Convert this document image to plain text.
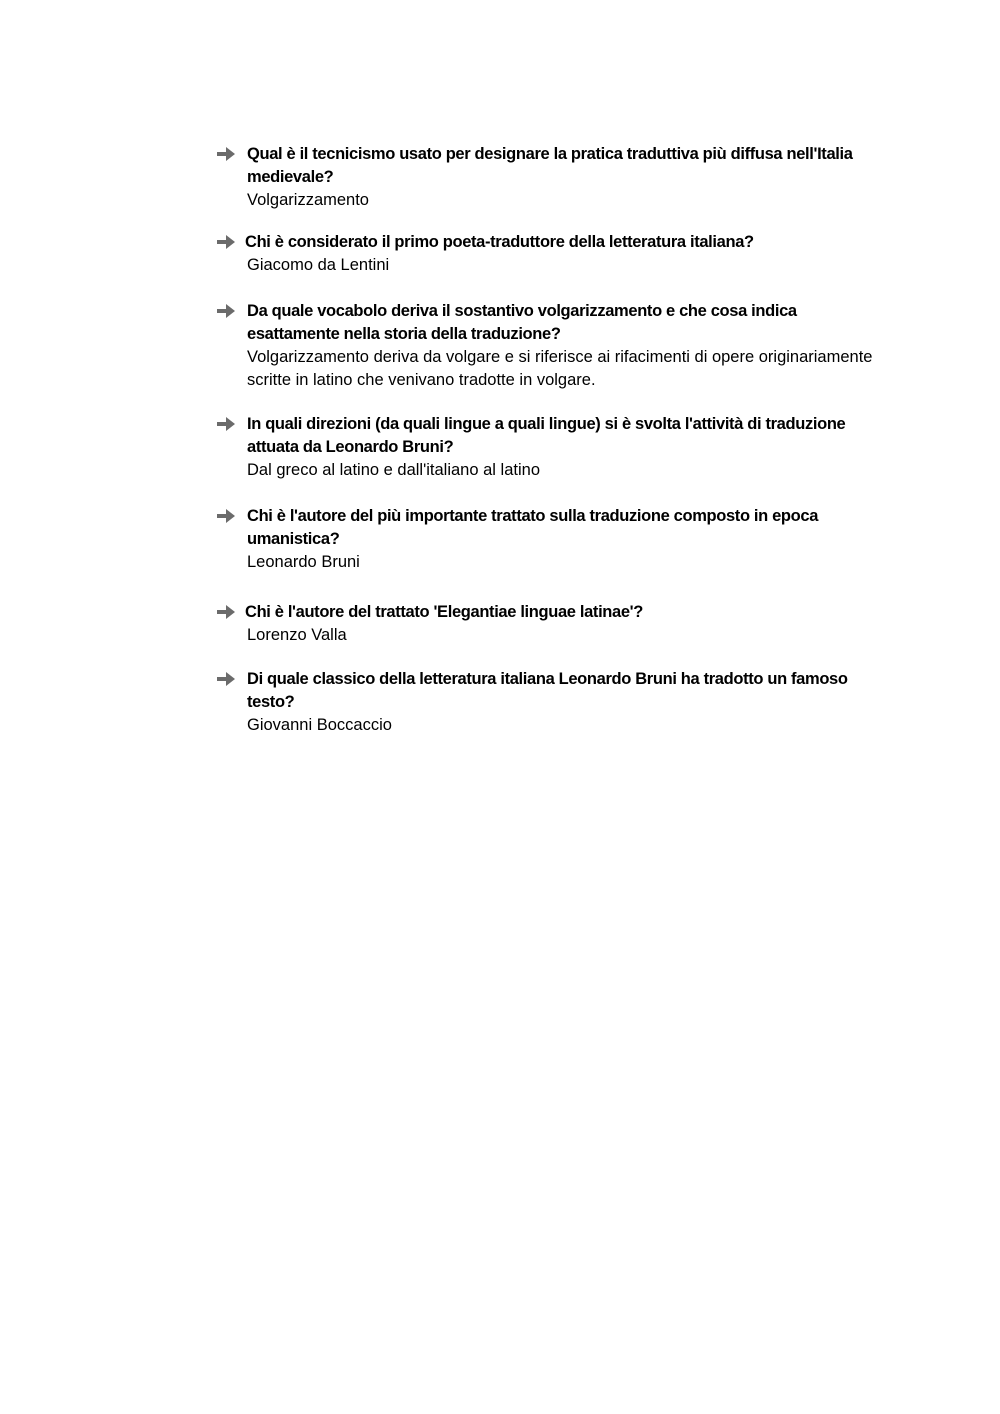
Qual è il tecnicismo usato per designare la pratica traduttiva più diffusa nell'Italia medievale?
Volgarizzamento
Chi è considerato il primo poeta-traduttore della letteratura italiana?
Giacomo da Lentini
Da quale vocabolo deriva il sostantivo volgarizzamento e che cosa indica esattamente nella storia della traduzione?
Volgarizzamento deriva da volgare e si riferisce ai rifacimenti di opere originariamente scritte in latino che venivano tradotte in volgare.
In quali direzioni (da quali lingue a quali lingue) si è svolta l'attività di traduzione attuata da Leonardo Bruni?
Dal greco al latino e dall'italiano al latino
Chi è l'autore del più importante trattato sulla traduzione composto in epoca umanistica?
Leonardo Bruni
Chi è l'autore del trattato 'Elegantiae linguae latinae'?
Lorenzo Valla
Di quale classico della letteratura italiana Leonardo Bruni ha tradotto un famoso testo?
Giovanni Boccaccio
